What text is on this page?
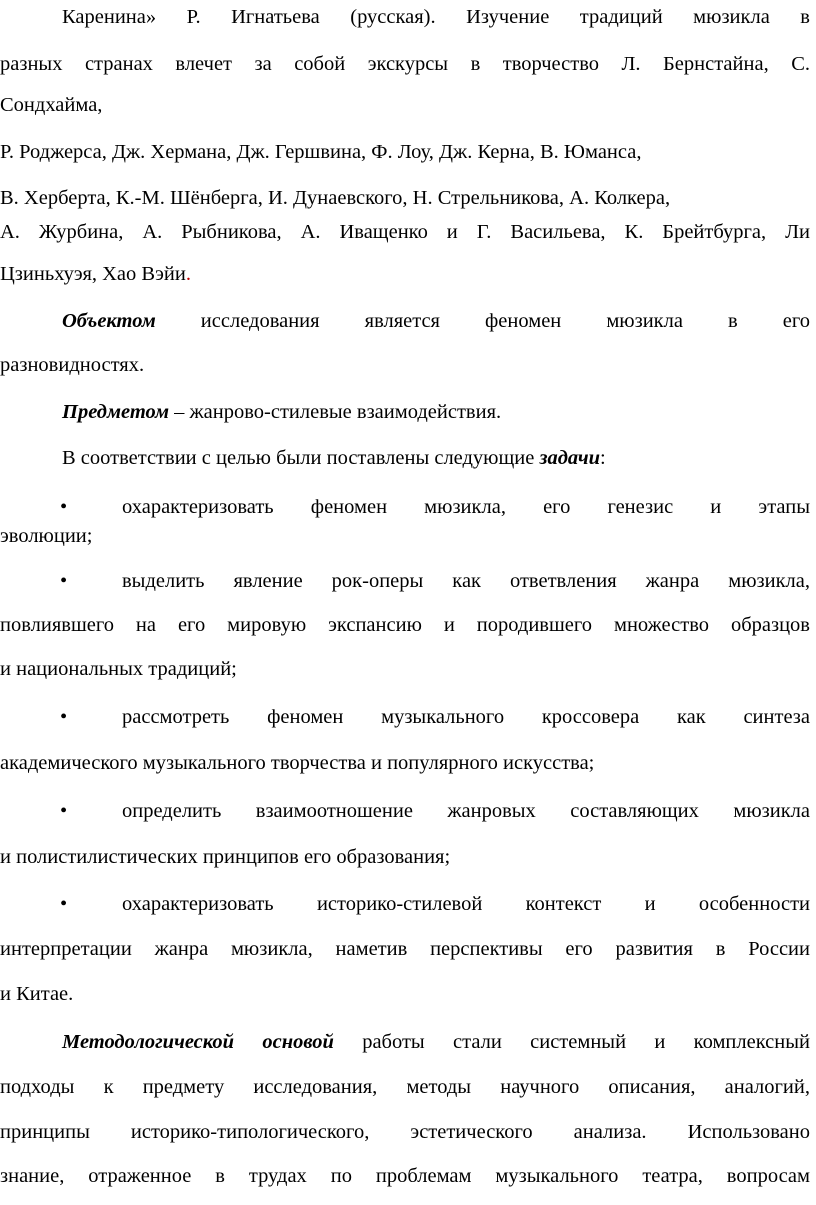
Каренина» Р. Игнатьева (русская). Изучение традиций мюзикла в
разных странах влечет за собой экскурсы в творчество Л. Бернстайна, С.
Сондхайма,
Р. Роджерса, Дж. Хермана, Дж. Гершвина, Ф. Лоу, Дж. Керна, В. Юманса,
В. Херберта, К.-М. Шёнберга, И. Дунаевского, Н. Стрельникова, А. Колкера,
А. Журбина, А. Рыбникова, А. Иващенко и Г. Васильева, К. Брейтбурга, Ли
Цзиньхуэя, Хао Вэйи.
Объектом исследования является феномен мюзикла в его
разновидностях.
Предметом – жанрово-стилевые взаимодействия.
В соответствии с целью были поставлены следующие задачи:
•	охарактеризовать феномен мюзикла, его генезис и этапы
эволюции;
•	выделить явление рок-оперы как ответвления жанра мюзикла,
повлиявшего на его мировую экспансию и породившего множество образцов
и национальных традиций;
•	рассмотреть феномен музыкального кроссовера как синтеза
академического музыкального творчества и популярного искусства;
•	определить взаимоотношение жанровых составляющих мюзикла
и полистилистических принципов его образования;
•	охарактеризовать историко-стилевой контекст и особенности
интерпретации жанра мюзикла, наметив перспективы его развития в России
и Китае.
Методологической основой работы стали системный и комплексный
подходы к предмету исследования, методы научного описания, аналогий,
принципы историко-типологического, эстетического анализа. Использовано
знание, отраженное в трудах по проблемам музыкального театра, вопросам
